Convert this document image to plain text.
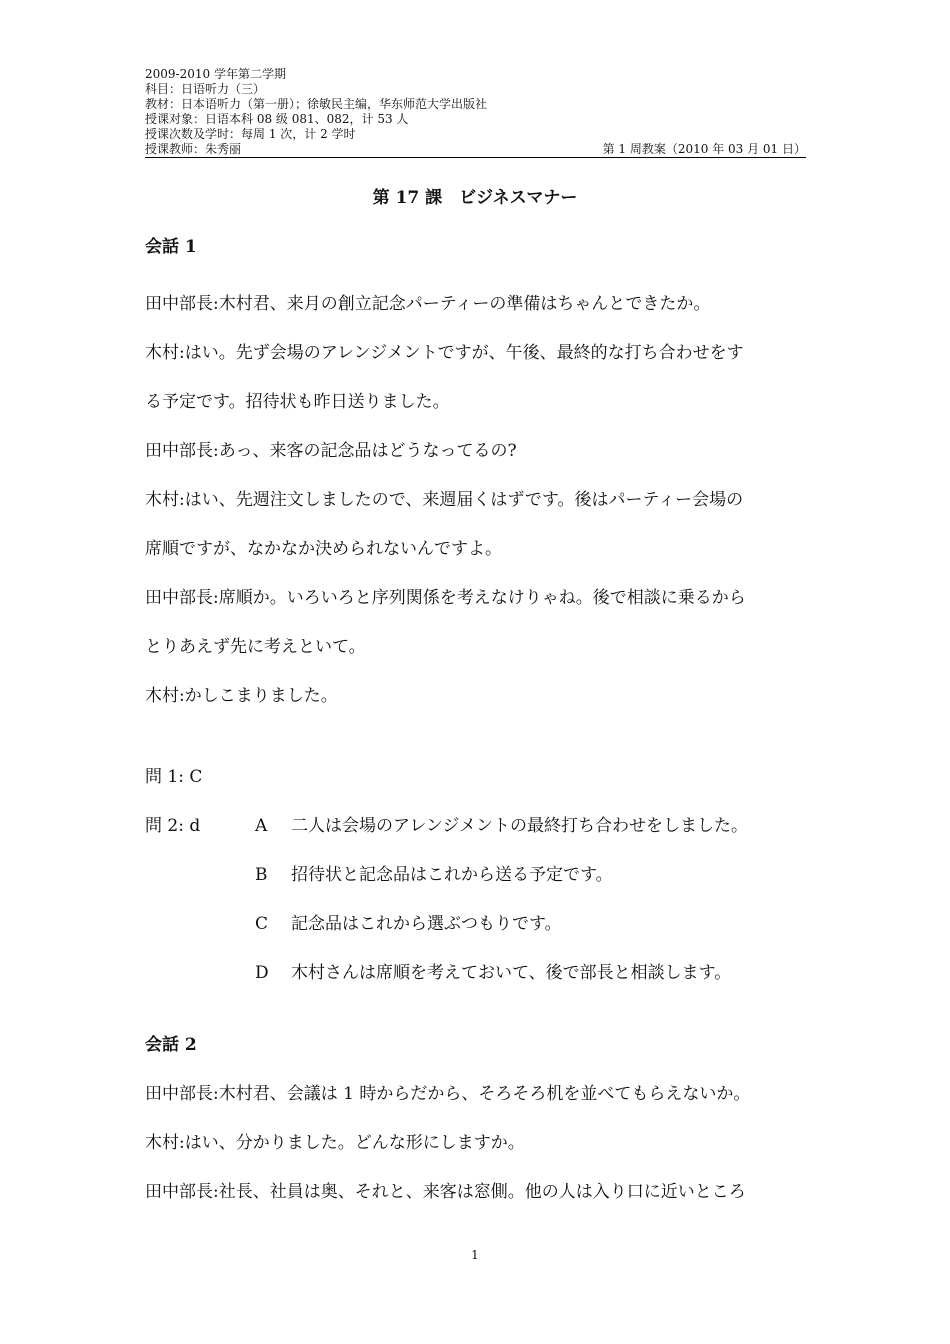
2009-2010 学年第二学期
科目：日语听力（三）
教材：日本语听力（第一册）；徐敏民主编，华东师范大学出版社
授课对象：日语本科 08 级 081、082，计 53 人
授课次数及学时：每周 1 次，计 2 学时
授课教师：朱秀丽	第 1 周教案（2010 年 03 月 01 日）
第 17 課　ビジネスマナー
会話 1
田中部長:木村君、来月の創立記念パーティーの準備はちゃんとできたか。
木村:はい。先ず会場のアレンジメントですが、午後、最終的な打ち合わせをす
る予定です。招待状も昨日送りました。
田中部長:あっ、来客の記念品はどうなってるの?
木村:はい、先週注文しましたので、来週届くはずです。後はパーティー会場の
席順ですが、なかなか決められないんですよ。
田中部長:席順か。いろいろと序列関係を考えなけりゃね。後で相談に乗るから
とりあえず先に考えといて。
木村:かしこまりました。
問 1: C
問 2: d	A	二人は会場のアレンジメントの最終打ち合わせをしました。
B	招待状と記念品はこれから送る予定です。
C	記念品はこれから選ぶつもりです。
D	木村さんは席順を考えておいて、後で部長と相談します。
会話 2
田中部長:木村君、会議は 1 時からだから、そろそろ机を並べてもらえないか。
木村:はい、分かりました。どんな形にしますか。
田中部長:社長、社員は奥、それと、来客は窓側。他の人は入り口に近いところ
1
